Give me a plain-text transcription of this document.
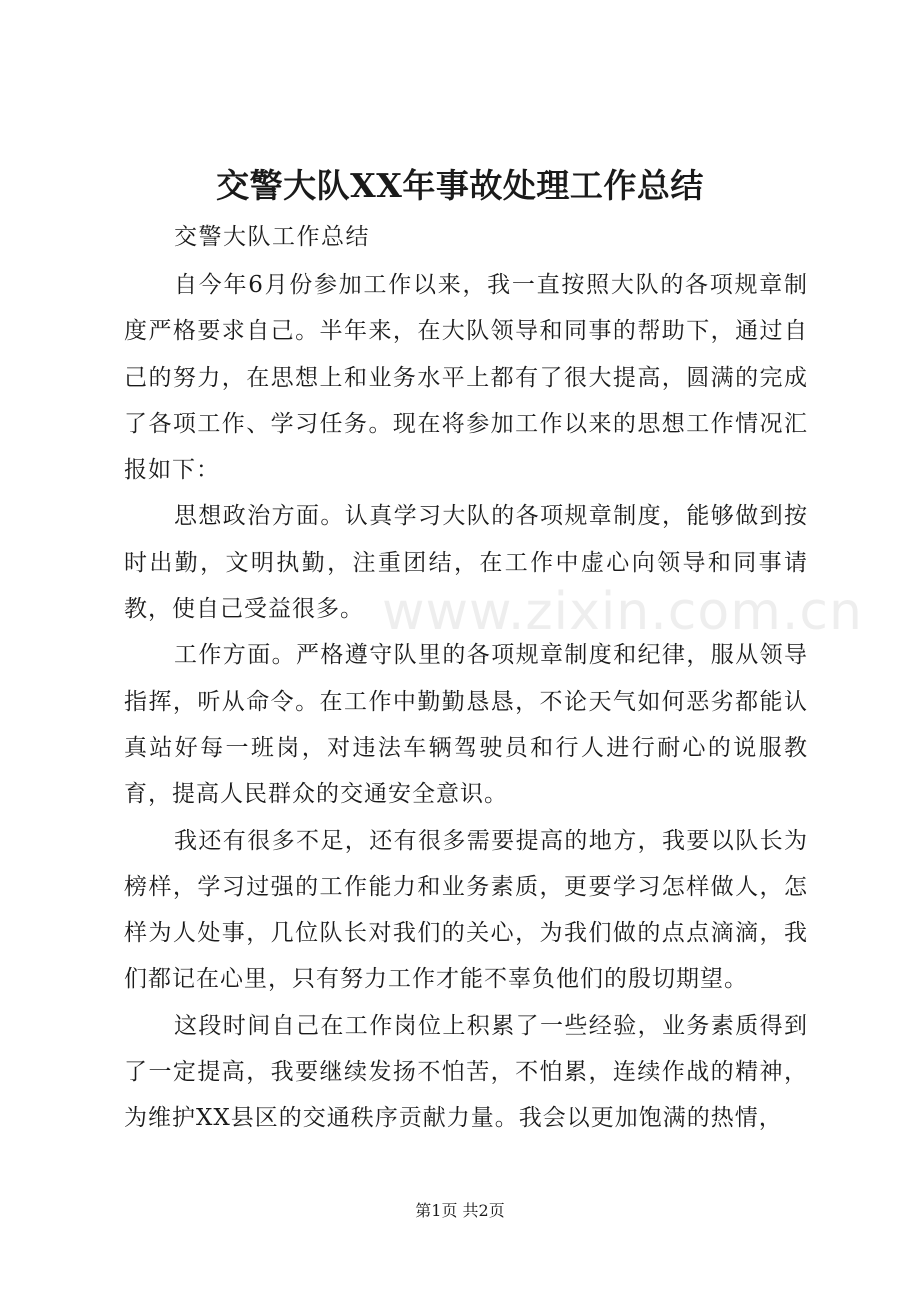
交警大队XX年事故处理工作总结

交警大队工作总结

自今年6月份参加工作以来，我一直按照大队的各项规章制度严格要求自己。半年来，在大队领导和同事的帮助下，通过自己的努力，在思想上和业务水平上都有了很大提高，圆满的完成了各项工作、学习任务。现在将参加工作以来的思想工作情况汇报如下：

思想政治方面。认真学习大队的各项规章制度，能够做到按时出勤，文明执勤，注重团结，在工作中虚心向领导和同事请教，使自己受益很多。

工作方面。严格遵守队里的各项规章制度和纪律，服从领导指挥，听从命令。在工作中勤勤恳恳，不论天气如何恶劣都能认真站好每一班岗，对违法车辆驾驶员和行人进行耐心的说服教育，提高人民群众的交通安全意识。

我还有很多不足，还有很多需要提高的地方，我要以队长为榜样，学习过强的工作能力和业务素质，更要学习怎样做人，怎样为人处事，几位队长对我们的关心，为我们做的点点滴滴，我们都记在心里，只有努力工作才能不辜负他们的殷切期望。

这段时间自己在工作岗位上积累了一些经验，业务素质得到了一定提高，我要继续发扬不怕苦，不怕累，连续作战的精神，为维护XX县区的交通秩序贡献力量。我会以更加饱满的热情，

www.zixin.com.cn

第1页 共2页
